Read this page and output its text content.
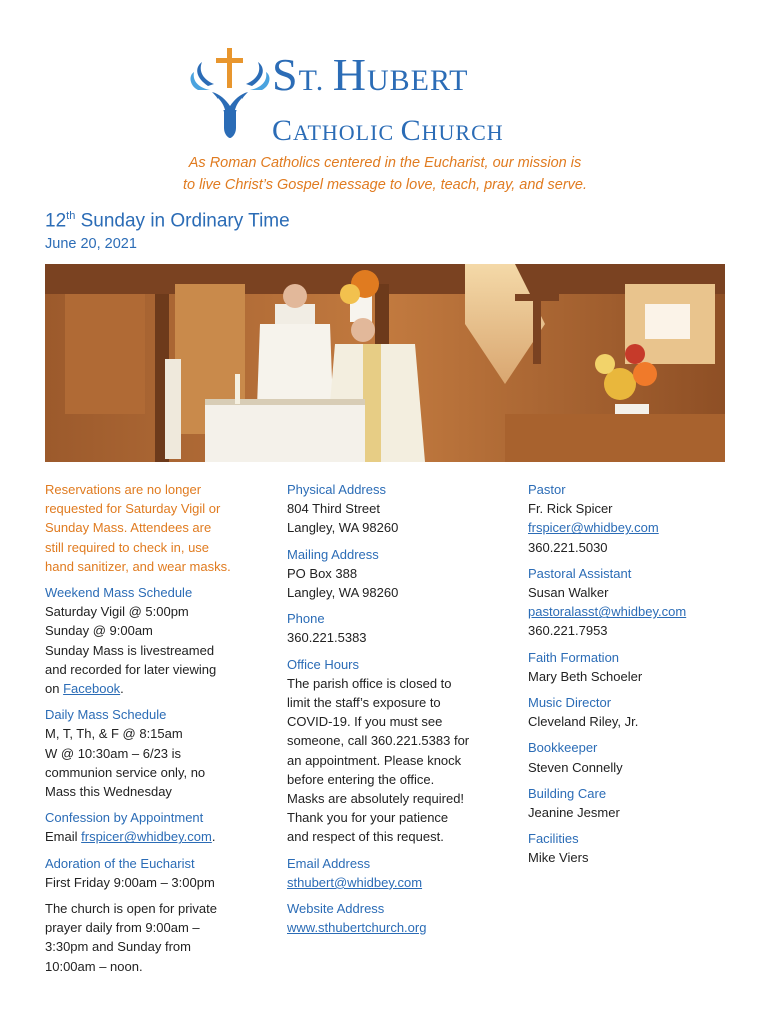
ST. HUBERT
CATHOLIC CHURCH
As Roman Catholics centered in the Eucharist, our mission is
to live Christ’s Gospel message to love, teach, pray, and serve.
12th Sunday in Ordinary Time
June 20, 2021
Reservations are no longer
requested for Saturday Vigil or
Sunday Mass. Attendees are
still required to check in, use
hand sanitizer, and wear masks.
Weekend Mass Schedule
Saturday Vigil @ 5:00pm
Sunday @ 9:00am
Sunday Mass is livestreamed
and recorded for later viewing
on Facebook.
Daily Mass Schedule
M, T, Th, & F @ 8:15am
W @ 10:30am – 6/23 is
communion service only, no
Mass this Wednesday
Confession by Appointment
Email frspicer@whidbey.com.
Adoration of the Eucharist
First Friday 9:00am – 3:00pm
The church is open for private
prayer daily from 9:00am –
3:30pm and Sunday from
10:00am – noon.
Physical Address
804 Third Street
Langley, WA 98260
Mailing Address
PO Box 388
Langley, WA 98260
Phone
360.221.5383
Office Hours
The parish office is closed to
limit the staff’s exposure to
COVID-19. If you must see
someone, call 360.221.5383 for
an appointment. Please knock
before entering the office.
Masks are absolutely required!
Thank you for your patience
and respect of this request.
Email Address
sthubert@whidbey.com
Website Address
www.sthubertchurch.org
Pastor
Fr. Rick Spicer
frspicer@whidbey.com
360.221.5030
Pastoral Assistant
Susan Walker
pastoralasst@whidbey.com
360.221.7953
Faith Formation
Mary Beth Schoeler
Music Director
Cleveland Riley, Jr.
Bookkeeper
Steven Connelly
Building Care
Jeanine Jesmer
Facilities
Mike Viers
